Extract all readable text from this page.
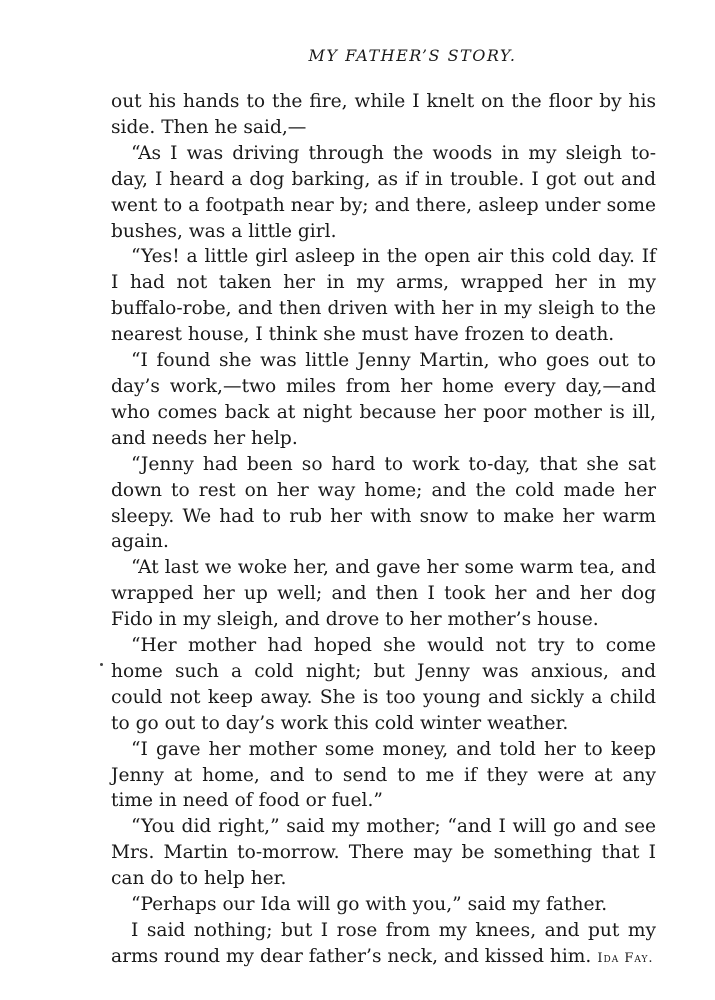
MY FATHER’S STORY.

out his hands to the fire, while I knelt on the floor by his side. Then he said,—

“As I was driving through the woods in my sleigh to-day, I heard a dog barking, as if in trouble. I got out and went to a footpath near by; and there, asleep under some bushes, was a little girl.

“Yes! a little girl asleep in the open air this cold day. If I had not taken her in my arms, wrapped her in my buffalo-robe, and then driven with her in my sleigh to the nearest house, I think she must have frozen to death.

“I found she was little Jenny Martin, who goes out to day’s work,—two miles from her home every day,—and who comes back at night because her poor mother is ill, and needs her help.

“Jenny had been so hard to work to-day, that she sat down to rest on her way home; and the cold made her sleepy. We had to rub her with snow to make her warm again.

“At last we woke her, and gave her some warm tea, and wrapped her up well; and then I took her and her dog Fido in my sleigh, and drove to her mother’s house.

“Her mother had hoped she would not try to come home such a cold night; but Jenny was anxious, and could not keep away. She is too young and sickly a child to go out to day’s work this cold winter weather.

“I gave her mother some money, and told her to keep Jenny at home, and to send to me if they were at any time in need of food or fuel.”

“You did right,” said my mother; “and I will go and see Mrs. Martin to-morrow. There may be something that I can do to help her.

“Perhaps our Ida will go with you,” said my father.

I said nothing; but I rose from my knees, and put my arms round my dear father’s neck, and kissed him. Ida Fay.
